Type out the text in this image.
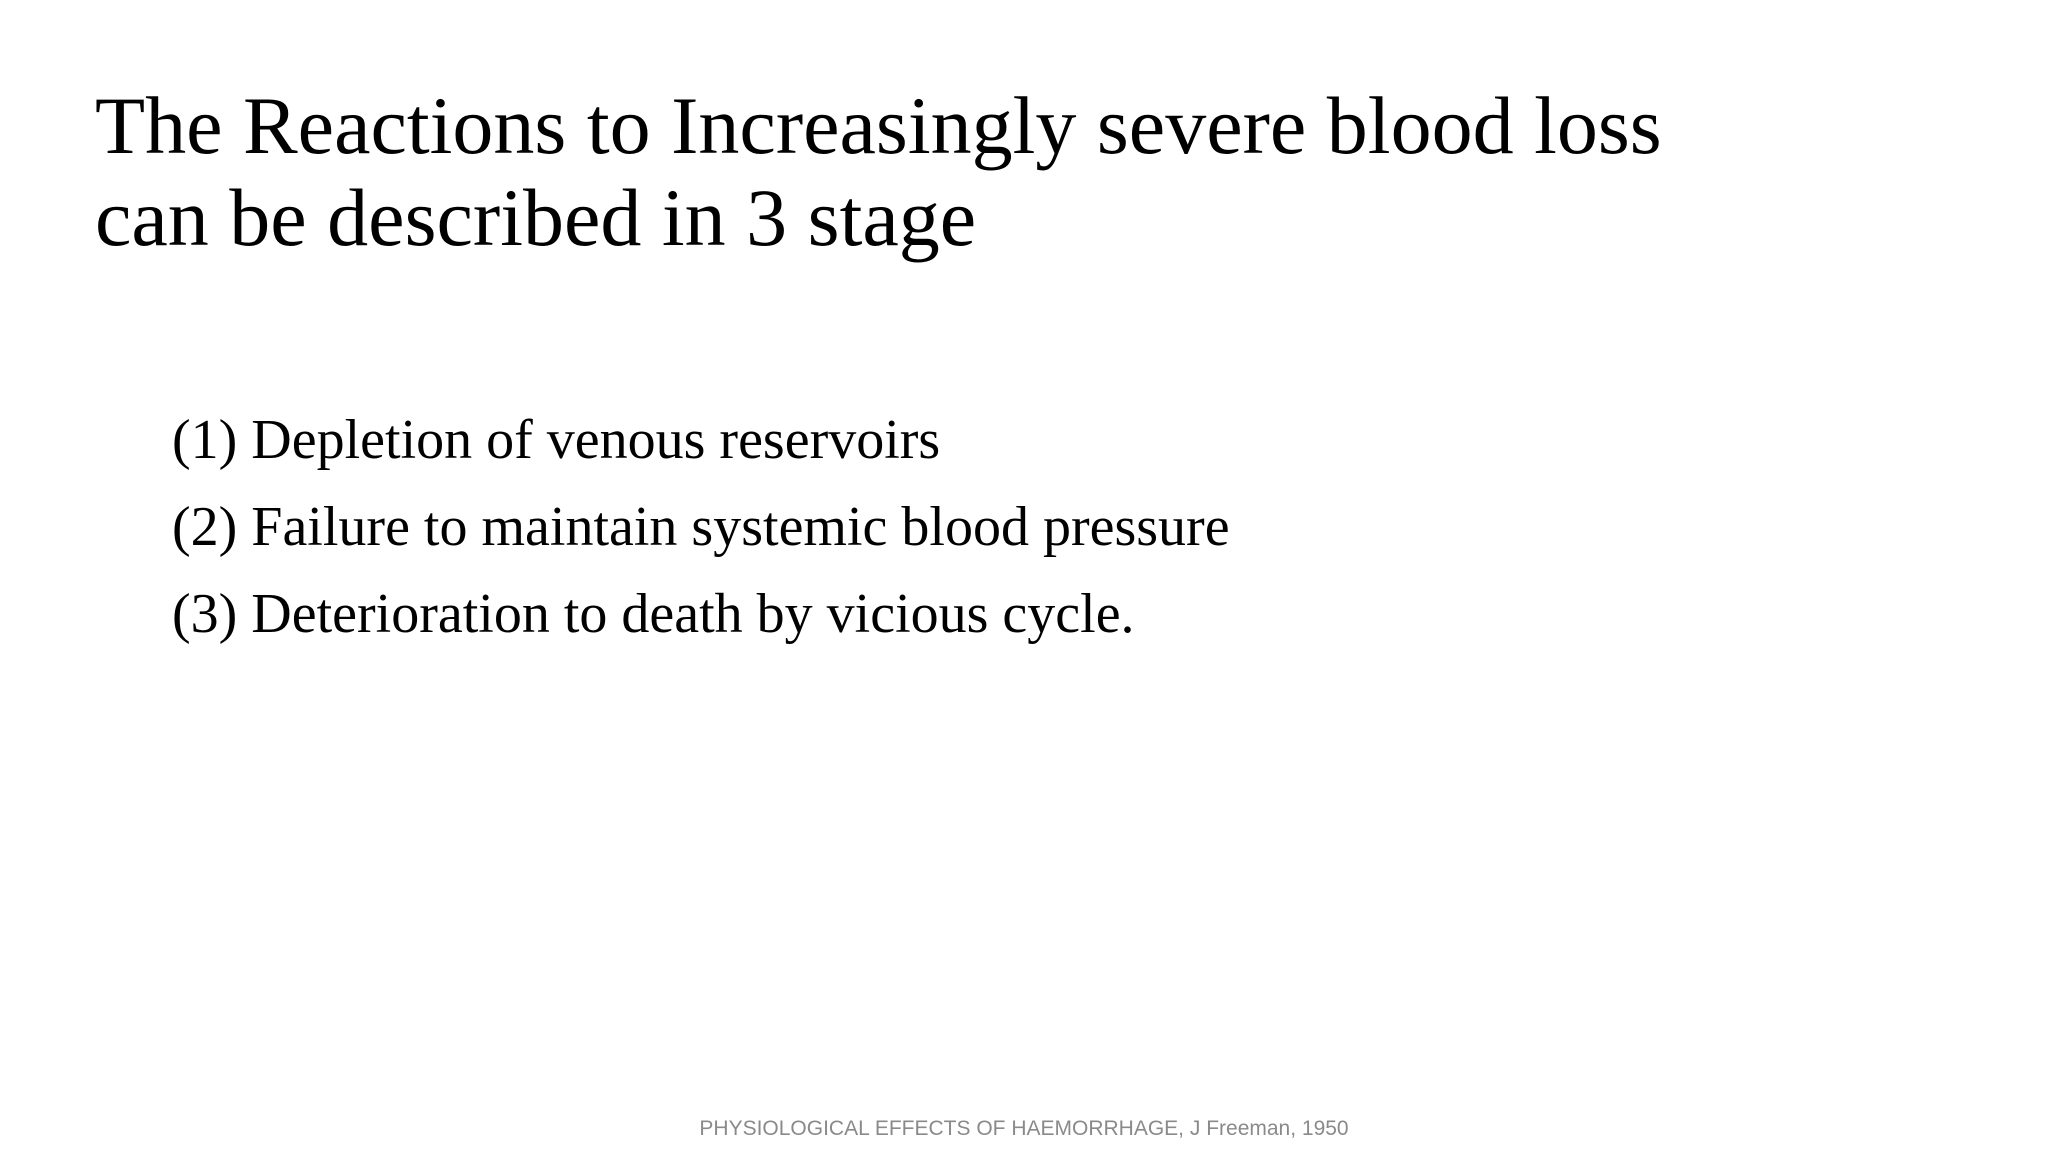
The Reactions to Increasingly severe blood loss
can be described in 3 stage
(1) Depletion of venous reservoirs
(2) Failure to maintain systemic blood pressure
(3) Deterioration to death by vicious cycle.
PHYSIOLOGICAL EFFECTS OF HAEMORRHAGE, J Freeman, 1950
